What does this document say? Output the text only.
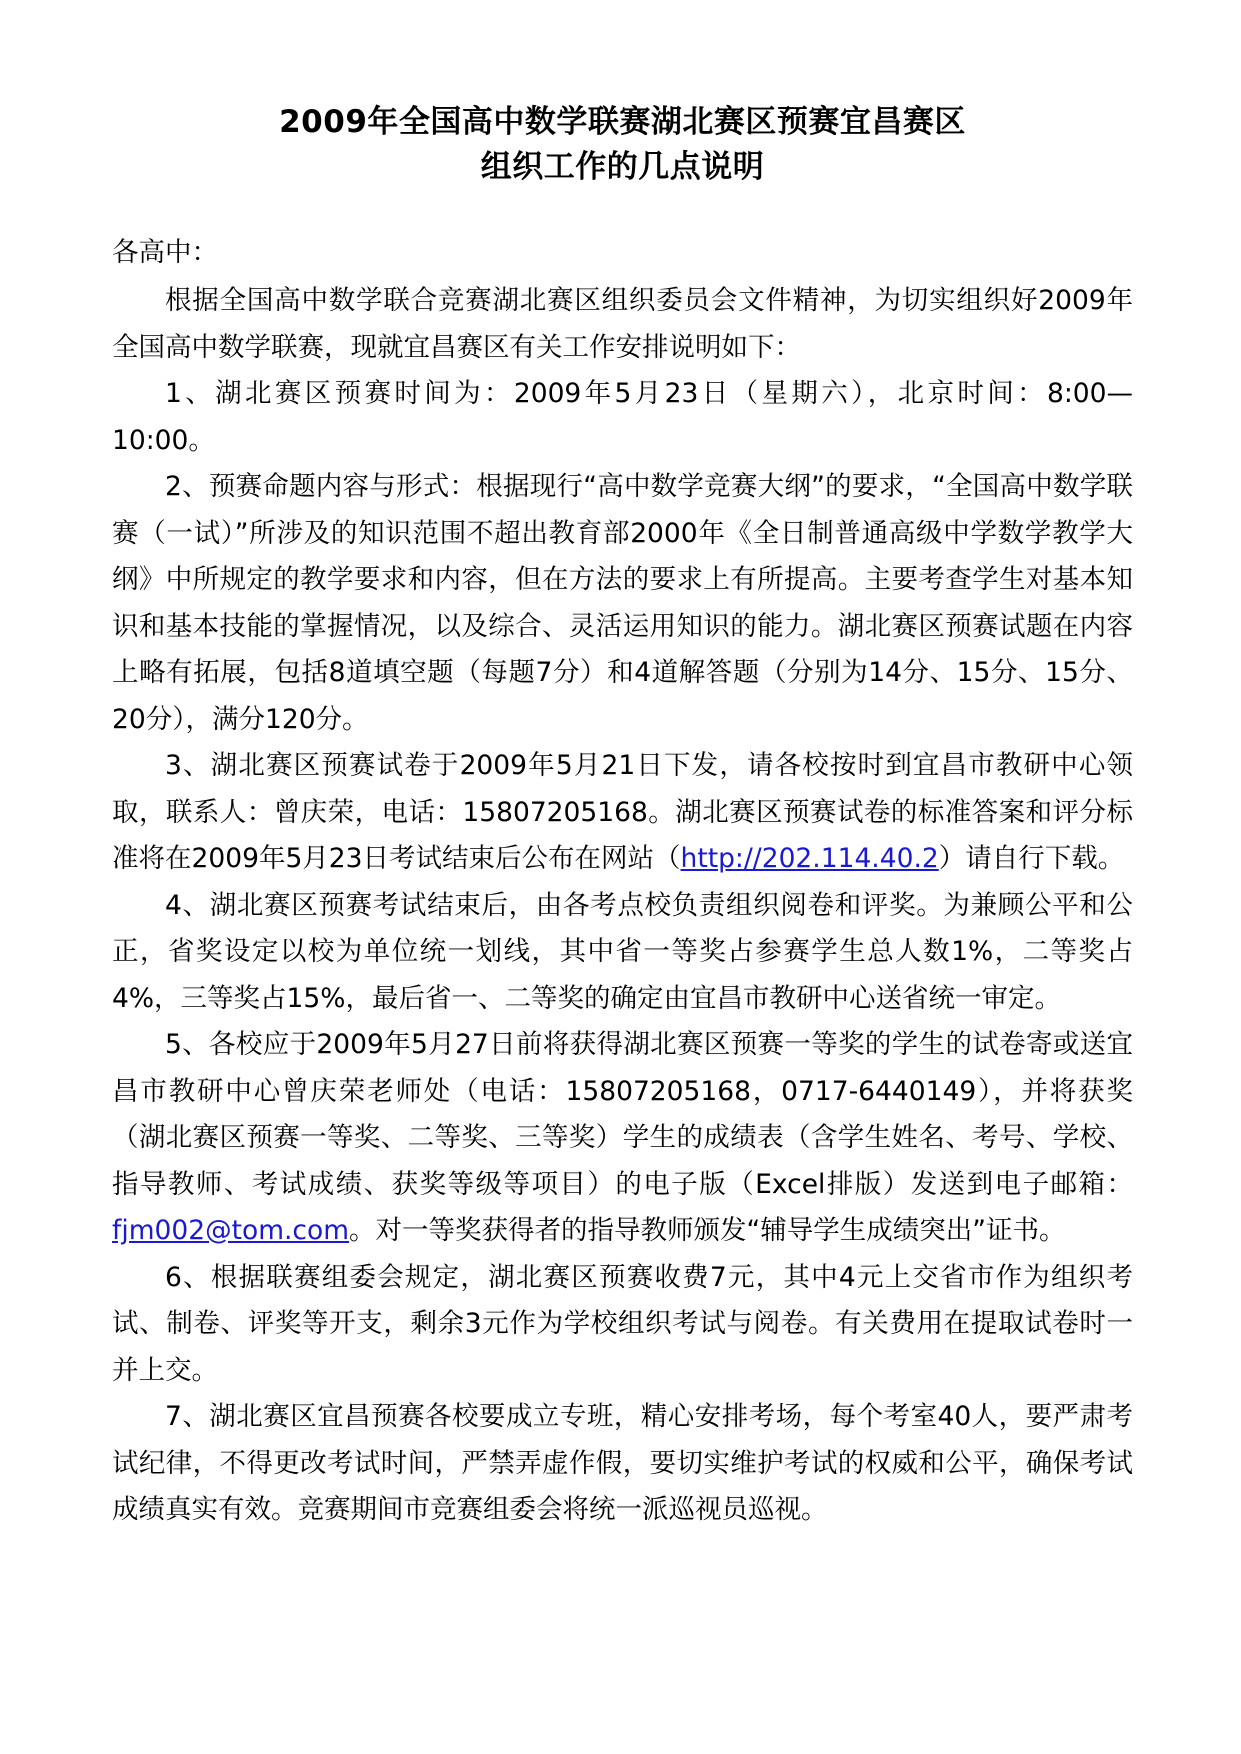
2009年全国高中数学联赛湖北赛区预赛宜昌赛区
组织工作的几点说明

各高中：

根据全国高中数学联合竞赛湖北赛区组织委员会文件精神，为切实组织好2009年全国高中数学联赛，现就宜昌赛区有关工作安排说明如下：

1、湖北赛区预赛时间为：2009年5月23日（星期六），北京时间：8:00—10:00。

2、预赛命题内容与形式：根据现行“高中数学竞赛大纲”的要求，“全国高中数学联赛（一试）”所涉及的知识范围不超出教育部2000年《全日制普通高级中学数学教学大纲》中所规定的教学要求和内容，但在方法的要求上有所提高。主要考查学生对基本知识和基本技能的掌握情况，以及综合、灵活运用知识的能力。湖北赛区预赛试题在内容上略有拓展，包括8道填空题（每题7分）和4道解答题（分别为14分、15分、15分、20分），满分120分。

3、湖北赛区预赛试卷于2009年5月21日下发，请各校按时到宜昌市教研中心领取，联系人：曾庆荣，电话：15807205168。湖北赛区预赛试卷的标准答案和评分标准将在2009年5月23日考试结束后公布在网站（http://202.114.40.2）请自行下载。

4、湖北赛区预赛考试结束后，由各考点校负责组织阅卷和评奖。为兼顾公平和公正，省奖设定以校为单位统一划线，其中省一等奖占参赛学生总人数1%，二等奖占4%，三等奖占15%，最后省一、二等奖的确定由宜昌市教研中心送省统一审定。

5、各校应于2009年5月27日前将获得湖北赛区预赛一等奖的学生的试卷寄或送宜昌市教研中心曾庆荣老师处（电话：15807205168，0717-6440149），并将获奖（湖北赛区预赛一等奖、二等奖、三等奖）学生的成绩表（含学生姓名、考号、学校、指导教师、考试成绩、获奖等级等项目）的电子版（Excel排版）发送到电子邮箱：fjm002@tom.com。对一等奖获得者的指导教师颁发“辅导学生成绩突出”证书。

6、根据联赛组委会规定，湖北赛区预赛收费7元，其中4元上交省市作为组织考试、制卷、评奖等开支，剩余3元作为学校组织考试与阅卷。有关费用在提取试卷时一并上交。

7、湖北赛区宜昌预赛各校要成立专班，精心安排考场，每个考室40人，要严肃考试纪律，不得更改考试时间，严禁弄虚作假，要切实维护考试的权威和公平，确保考试成绩真实有效。竞赛期间市竞赛组委会将统一派巡视员巡视。
